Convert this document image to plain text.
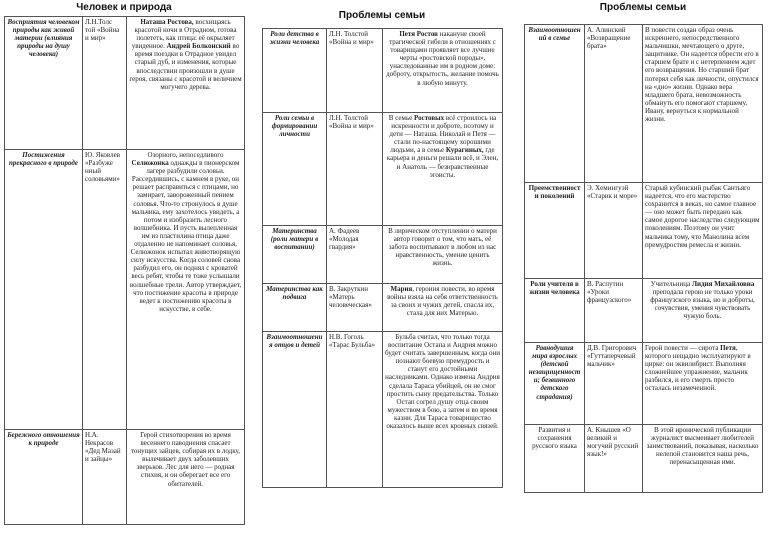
Человек и природа
Восприятия человеком природы как живой материи (влияния природы на душу человека)	Л.Н.Толс той «Война и мир»	Наташа Ростова, восхищаясь красотой ночи в Отрадном, готова полететь, как птица: её окрыляет увиденное. Андрей Болконский во время поездки в Отрадное увидел старый дуб, и изменения, которые впоследствии произошли в душе героя, связаны с красотой и величием могучего дерева.
Постижения прекрасного в природе	Ю. Яковлев «Разбуже нный соловьями»	Озорного, непоседливого Селюжонка однажды в пионерском лагере разбудили соловьи. Рассердившись, с камнем в руке, он решает расправиться с птицами, но замирает, завороженный пением соловья. Что-то стронулось в душе мальчика, ему захотелось увидеть, а потом и изобразить лесного волшебника. И пусть вылепленная им из пластилина птица даже отдаленно не напоминает соловья, Селюжонок испытал животворящую силу искусства. Когда соловей снова разбудил его, он поднял с кроватей весь ребят, чтобы те тоже услышали волшебные трели. Автор утверждает, что постижение красоты в природе ведет к постижению красоты в искусстве, в себе.
Бережного отношения к природе	Н.А. Некрасов «Дед Мазай и зайцы»	Герой стихотворения во время весеннего паводнения спасает тонущих зайцев, собирая их в лодку, вылечивает двух заболевших зверьков. Лес для него — родная стихия, и он оберегает все его обитателей.
Проблемы семьи
Роли детства в жизни человека	Л.Н. Толстой «Война и мир»	Петя Ростов накануне своей трагической гибели в отношениях с товарищами проявляет все лучшие черты «ростовской породы», унаследованные им в родном доме: доброту, открытость, желание помочь в любую минуту.
Роли семьи в формировании личности	Л.Н. Толстой «Война и мир»	В семье Ростовых всё строилось на искренности и доброте, поэтому и дети — Наташа. Николай и Петя — стали по-настоящему хорошими людьми, а в семье Курагиных, где карьера и деньги решали всё, и Элен, и Анатоль — безнравственные эгоисты.
Материнства (роли матери в воспитании)	А. Фадеев «Молодая гвардия»	В лирическом отступлении о матери автор говорит о том, что мать, её забота воспитывают в любом из нас нравственность, умение ценить жизнь.
Материнства как подвига	В. Закруткин «Матерь человеческая»	Мария, героиня повести, во время войны взяла на себя ответственность за своих и чужих детей, спасла их, стала для них Матерью.
Взаимоотношения отцов и детей	Н.В. Гоголь «Тарас Бульба»	Бульба считал, что только тогда воспитание Остапа и Андрия можно будет считать завершенным, когда они познают боевую премудрость и станут его достойными наследниками. Однако измена Андрия сделала Тараса убийцей, он не смог простить сыну предательства. Только Остап согрел душу отца своим мужеством в бою, а затем и во время казни. Для Тараса товарищество оказалось выше всех кровных связей.
Проблемы семьи
Взаимоотношений в семье	А. Алинский «Возвращение брата»	В повести создан образ очень искреннего, непосредственного мальчишки, мечтающего о друге, защитнике. Он надеется обрести его в старшем брате и с нетерпением ждет его возвращения. Но старший брат потерял себя как личности, опустился на «дно» жизни. Однако вера младшего брата, невозможность обмануть его помогают старшему, Ивану, вернуться к нормальной жизни.
Преемственности поколений	Э. Хемингуэй «Старик и море»	Старый кубинский рыбак Сантьяго надеется, что его мастерство сохранится в веках, но самое главное — оно может быть передано как самое дорогое наследство следующим поколениям. Поэтому он учит мальчика тому, что Манолина всем премудростям ремесла и жизни.
Роли учителя в жизни человека	В. Распутин «Уроки французского»	Учительница Лидия Михайловна преподала герою не только уроки французского языка, но и доброты, сочувствия, умения чувствовать чужую боль.
Равнодушия мира взрослых (детской незащищенности; безвинного детского страдания)	Д.В. Григорович «Гуттаперчевый мальчик»	Герой повести — сирота Петя, которого нещадно эксплуатируют в цирке: он эквилибрист. Выполняя сложнейшее упражнение, мальчик разбился, и его смерть просто осталась незамеченной.
Развития и сохранения русского языка	А. Кнышев «О великий и могучий русский язык!»	В этой иронической публикации журналист высмеивает любителей заимствований, показывая, насколько нелепой становится наша речь, перенасыщенная ими.
